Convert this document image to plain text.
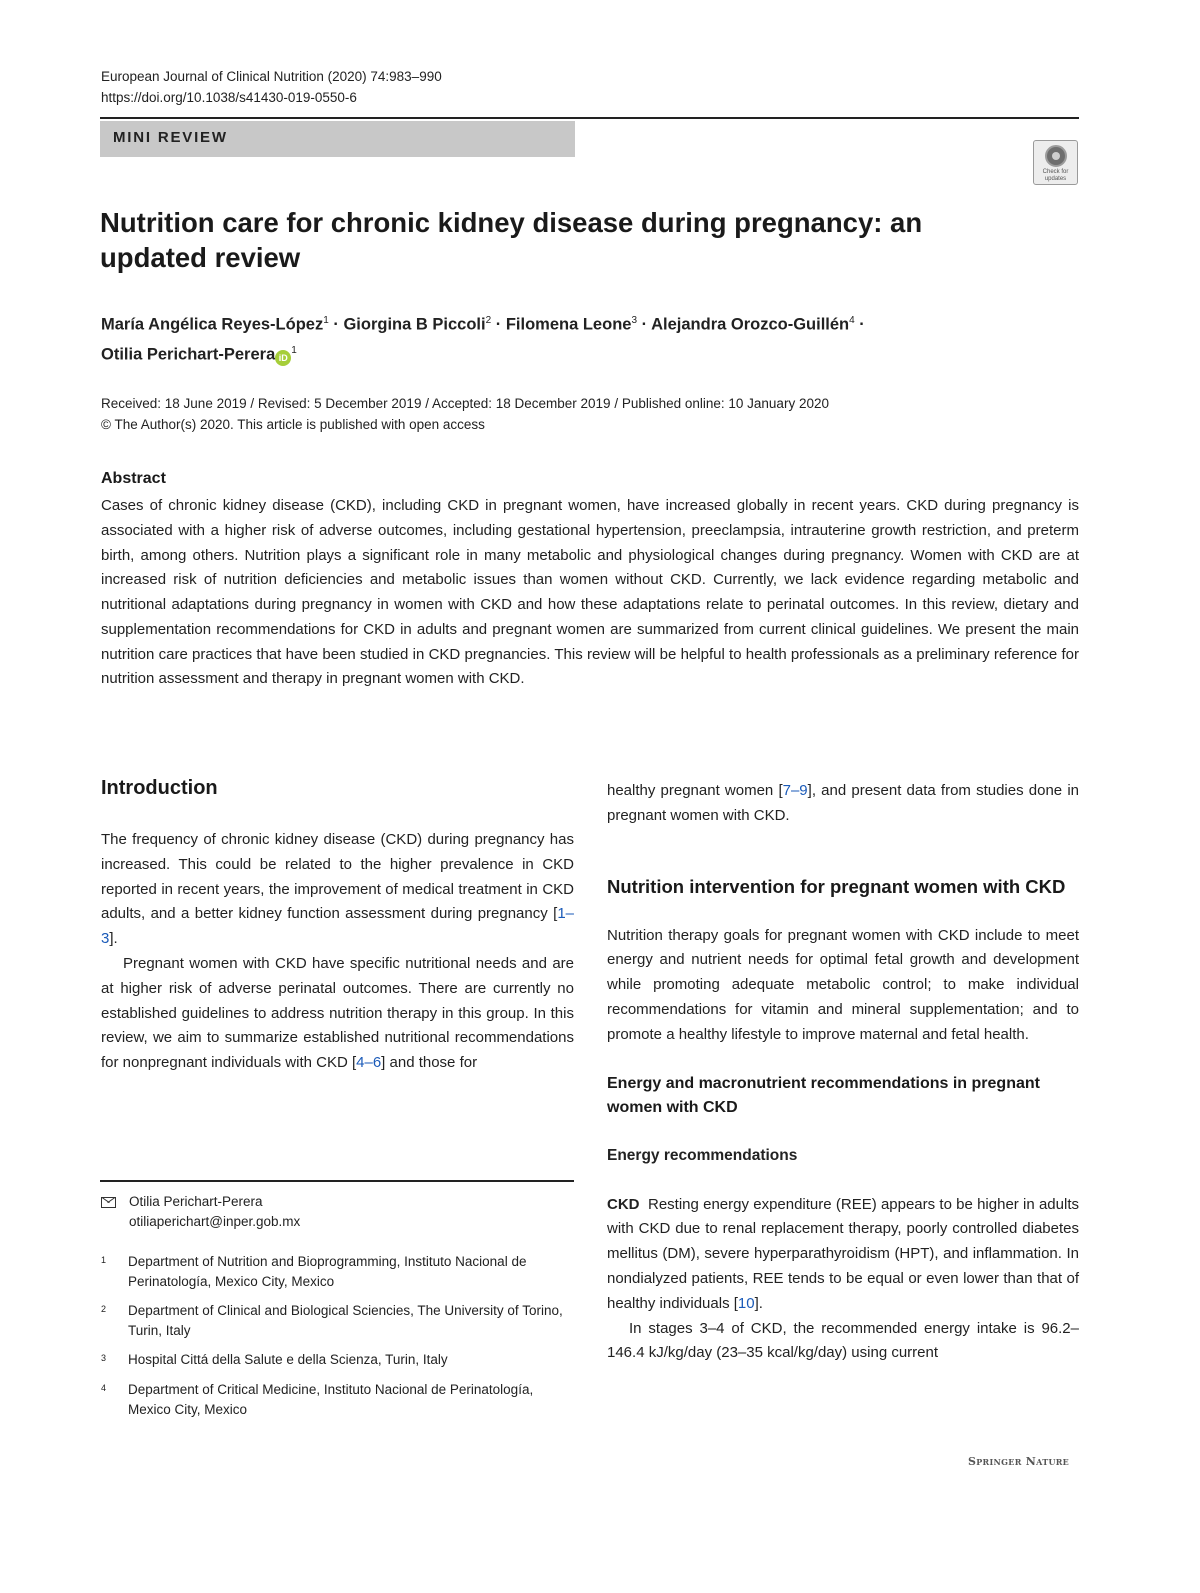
European Journal of Clinical Nutrition (2020) 74:983–990
https://doi.org/10.1038/s41430-019-0550-6
MINI REVIEW
Check for updates
Nutrition care for chronic kidney disease during pregnancy: an updated review
María Angélica Reyes-López$^1$ · Giorgina B Piccoli$^2$ · Filomena Leone$^3$ · Alejandra Orozco-Guillén$^4$ ·
Otilia Perichart-Perera $iD^1$
Received: 18 June 2019 / Revised: 5 December 2019 / Accepted: 18 December 2019 / Published online: 10 January 2020
© The Author(s) 2020. This article is published with open access
Abstract

Cases of chronic kidney disease (CKD), including CKD in pregnant women, have increased globally in recent years. CKD during pregnancy is associated with a higher risk of adverse outcomes, including gestational hypertension, preeclampsia, intrauterine growth restriction, and preterm birth, among others. Nutrition plays a significant role in many metabolic and physiological changes during pregnancy. Women with CKD are at increased risk of nutrition deficiencies and metabolic issues than women without CKD. Currently, we lack evidence regarding metabolic and nutritional adaptations during pregnancy in women with CKD and how these adaptations relate to perinatal outcomes. In this review, dietary and supplementation recommendations for CKD in adults and pregnant women are summarized from current clinical guidelines. We present the main nutrition care practices that have been studied in CKD pregnancies. This review will be helpful to health professionals as a preliminary reference for nutrition assessment and therapy in pregnant women with CKD.

Introduction

The frequency of chronic kidney disease (CKD) during pregnancy has increased. This could be related to the higher prevalence in CKD reported in recent years, the improvement of medical treatment in CKD adults, and a better kidney function assessment during pregnancy [1–3].

Pregnant women with CKD have specific nutritional needs and are at higher risk of adverse perinatal outcomes. There are currently no established guidelines to address nutrition therapy in this group. In this review, we aim to summarize established nutritional recommendations for nonpregnant individuals with CKD [4–6] and those for

Otilia Perichart-Perera
otiliaperichart@inper.gob.mx
1	Department of Nutrition and Bioprogramming, Instituto Nacional de Perinatología, Mexico City, Mexico
2	Department of Clinical and Biological Sciencies, The University of Torino, Turin, Italy
3	Hospital Cittá della Salute e della Scienza, Turin, Italy
4	Department of Critical Medicine, Instituto Nacional de Perinatología, Mexico City, Mexico

healthy pregnant women [7–9], and present data from studies done in pregnant women with CKD.

Nutrition intervention for pregnant women with CKD

Nutrition therapy goals for pregnant women with CKD include to meet energy and nutrient needs for optimal fetal growth and development while promoting adequate metabolic control; to make individual recommendations for vitamin and mineral supplementation; and to promote a healthy lifestyle to improve maternal and fetal health.

Energy and macronutrient recommendations in pregnant women with CKD
Energy recommendations

CKD Resting energy expenditure (REE) appears to be higher in adults with CKD due to renal replacement therapy, poorly controlled diabetes mellitus (DM), severe hyperparathyroidism (HPT), and inflammation. In nondialyzed patients, REE tends to be equal or even lower than that of healthy individuals [10].

In stages 3–4 of CKD, the recommended energy intake is 96.2–146.4 kJ/kg/day (23–35 kcal/kg/day) using current

Springer Nature
